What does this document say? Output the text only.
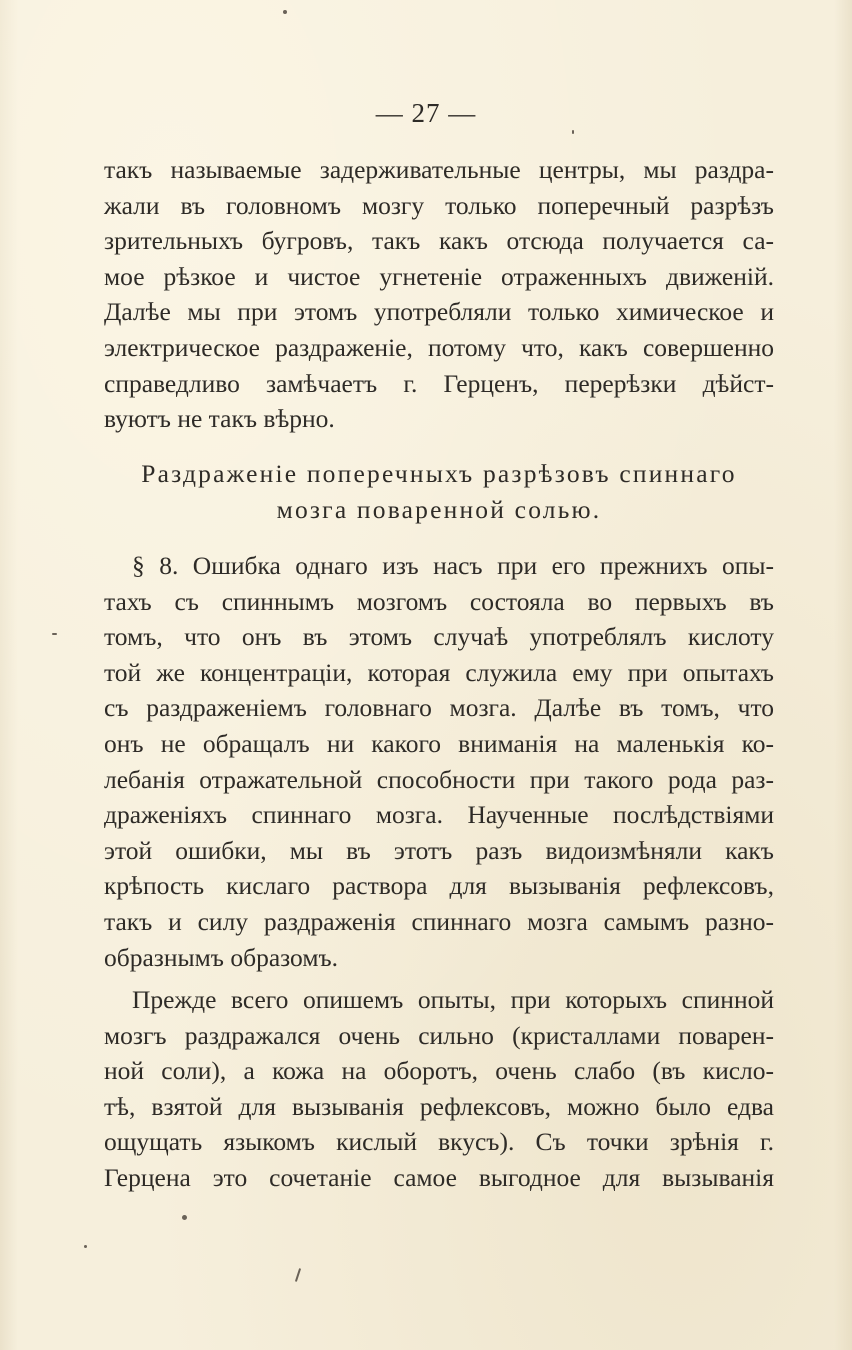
— 27 —
такъ называемые задерживательные центры, мы раздра-
жали въ головномъ мозгу только поперечный разрѣзъ
зрительныхъ бугровъ, такъ какъ отсюда получается са-
мое рѣзкое и чистое угнетеніе отраженныхъ движеній.
Далѣе мы при этомъ употребляли только химическое и
электрическое раздраженіе, потому что, какъ совершенно
справедливо замѣчаетъ г. Герценъ, перерѣзки дѣйст-
вуютъ не такъ вѣрно.
Раздраженіе поперечныхъ разрѣзовъ спиннаго
мозга поваренной солью.
§ 8. Ошибка однаго изъ насъ при его прежнихъ опы-
тахъ съ спиннымъ мозгомъ состояла во первыхъ въ
томъ, что онъ въ этомъ случаѣ употреблялъ кислоту
той же концентраціи, которая служила ему при опытахъ
съ раздраженіемъ головнаго мозга. Далѣе въ томъ, что
онъ не обращалъ ни какого вниманія на маленькія ко-
лебанія отражательной способности при такого рода раз-
драженіяхъ спиннаго мозга. Наученные послѣдствіями
этой ошибки, мы въ этотъ разъ видоизмѣняли какъ
крѣпость кислаго раствора для вызыванія рефлексовъ,
такъ и силу раздраженія спиннаго мозга самымъ разно-
образнымъ образомъ.
Прежде всего опишемъ опыты, при которыхъ спинной
мозгъ раздражался очень сильно (кристаллами поварен-
ной соли), а кожа на оборотъ, очень слабо (въ кисло-
тѣ, взятой для вызыванія рефлексовъ, можно было едва
ощущать языкомъ кислый вкусъ). Съ точки зрѣнія г.
Герцена это сочетаніе самое выгодное для вызыванія
